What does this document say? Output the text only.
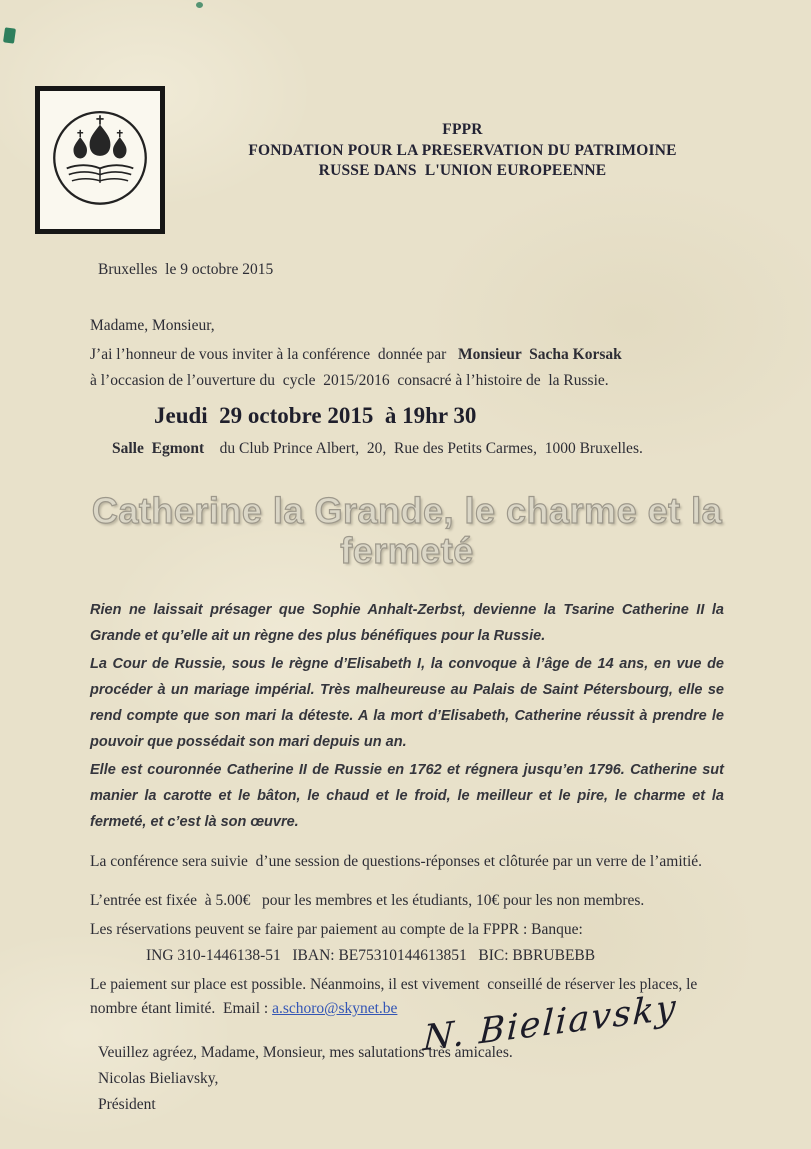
FPPR
FONDATION POUR LA PRESERVATION DU PATRIMOINE
RUSSE DANS  L'UNION EUROPEENNE

Bruxelles  le 9 octobre 2015

Madame, Monsieur,

J’ai l’honneur de vous inviter à la conférence  donnée par   Monsieur  Sacha Korsak

à l’occasion de l’ouverture du  cycle  2015/2016  consacré à l’histoire de  la Russie.

Jeudi  29 octobre 2015  à 19hr 30

Salle  Egmont    du Club Prince Albert,  20,  Rue des Petits Carmes,  1000 Bruxelles.

Catherine la Grande, le charme et la fermeté

Rien ne laissait présager que Sophie Anhalt-Zerbst, devienne la Tsarine Catherine II la Grande et qu’elle ait un règne des plus bénéfiques pour la Russie.

La Cour de Russie, sous le règne d’Elisabeth I, la convoque à l’âge de 14 ans, en vue de procéder à un mariage impérial. Très malheureuse au Palais de Saint Pétersbourg, elle se rend compte que son mari la déteste. A la mort d’Elisabeth, Catherine réussit à prendre le pouvoir que possédait son mari depuis un an.

Elle est couronnée Catherine II de Russie en 1762 et régnera jusqu’en 1796. Catherine sut manier la carotte et le bâton, le chaud et le froid, le meilleur et le pire, le charme et la fermeté, et c’est là son œuvre.

La conférence sera suivie  d’une session de questions-réponses et clôturée par un verre de l’amitié.

L’entrée est fixée  à 5.00€   pour les membres et les étudiants, 10€ pour les non membres.

Les réservations peuvent se faire par paiement au compte de la FPPR : Banque:

ING 310-1446138-51   IBAN: BE75310144613851   BIC: BBRUBEBB

Le paiement sur place est possible. Néanmoins, il est vivement  conseillé de réserver les places, le nombre étant limité.  Email : a.schoro@skynet.be

Veuillez agréez, Madame, Monsieur, mes salutations très amicales.

Nicolas Bieliavsky,

Président

N. Bieliavsky
